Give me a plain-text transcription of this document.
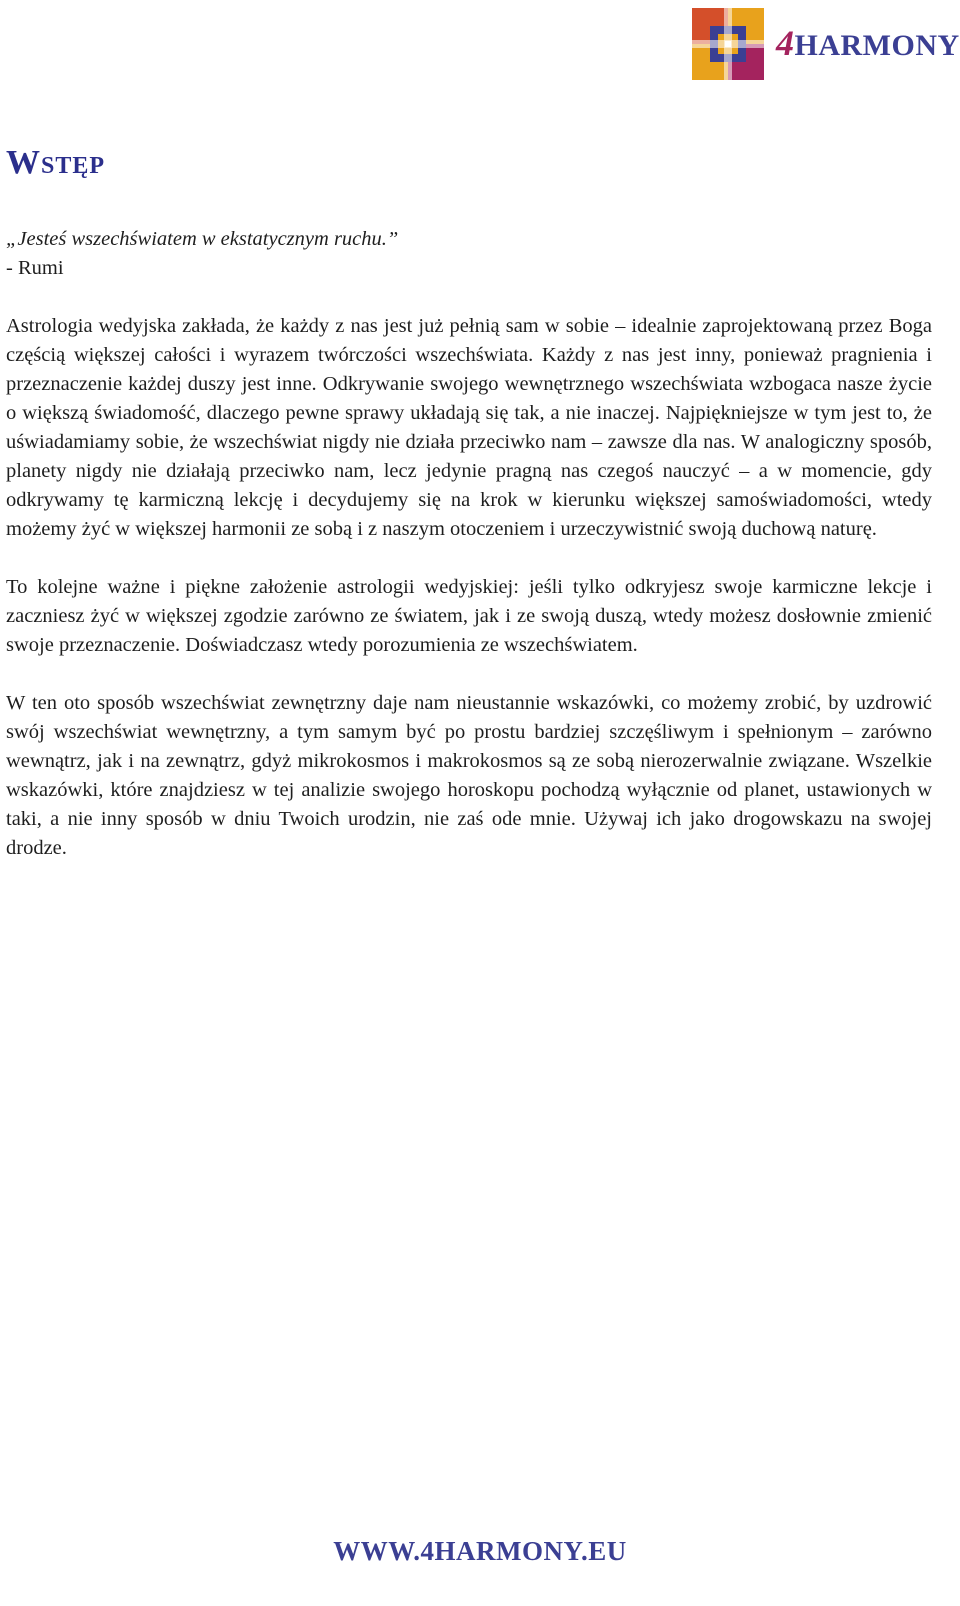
4HARMONY
Wstęp

„Jesteś wszechświatem w ekstatycznym ruchu.”

- Rumi

Astrologia wedyjska zakłada, że każdy z nas jest już pełnią sam w sobie – idealnie zaprojektowaną przez Boga częścią większej całości i wyrazem twórczości wszechświata. Każdy z nas jest inny, ponieważ pragnienia i przeznaczenie każdej duszy jest inne. Odkrywanie swojego wewnętrznego wszechświata wzbogaca nasze życie o większą świadomość, dlaczego pewne sprawy układają się tak, a nie inaczej. Najpiękniejsze w tym jest to, że uświadamiamy sobie, że wszechświat nigdy nie działa przeciwko nam – zawsze dla nas. W analogiczny sposób, planety nigdy nie działają przeciwko nam, lecz jedynie pragną nas czegoś nauczyć – a w momencie, gdy odkrywamy tę karmiczną lekcję i decydujemy się na krok w kierunku większej samoświadomości, wtedy możemy żyć w większej harmonii ze sobą i z naszym otoczeniem i urzeczywistnić swoją duchową naturę.

To kolejne ważne i piękne założenie astrologii wedyjskiej: jeśli tylko odkryjesz swoje karmiczne lekcje i zaczniesz żyć w większej zgodzie zarówno ze światem, jak i ze swoją duszą, wtedy możesz dosłownie zmienić swoje przeznaczenie. Doświadczasz wtedy porozumienia ze wszechświatem.

W ten oto sposób wszechświat zewnętrzny daje nam nieustannie wskazówki, co możemy zrobić, by uzdrowić swój wszechświat wewnętrzny, a tym samym być po prostu bardziej szczęśliwym i spełnionym – zarówno wewnątrz, jak i na zewnątrz, gdyż mikrokosmos i makrokosmos są ze sobą nierozerwalnie związane. Wszelkie wskazówki, które znajdziesz w tej analizie swojego horoskopu pochodzą wyłącznie od planet, ustawionych w taki, a nie inny sposób w dniu Twoich urodzin, nie zaś ode mnie. Używaj ich jako drogowskazu na swojej drodze.

WWW.4HARMONY.EU
